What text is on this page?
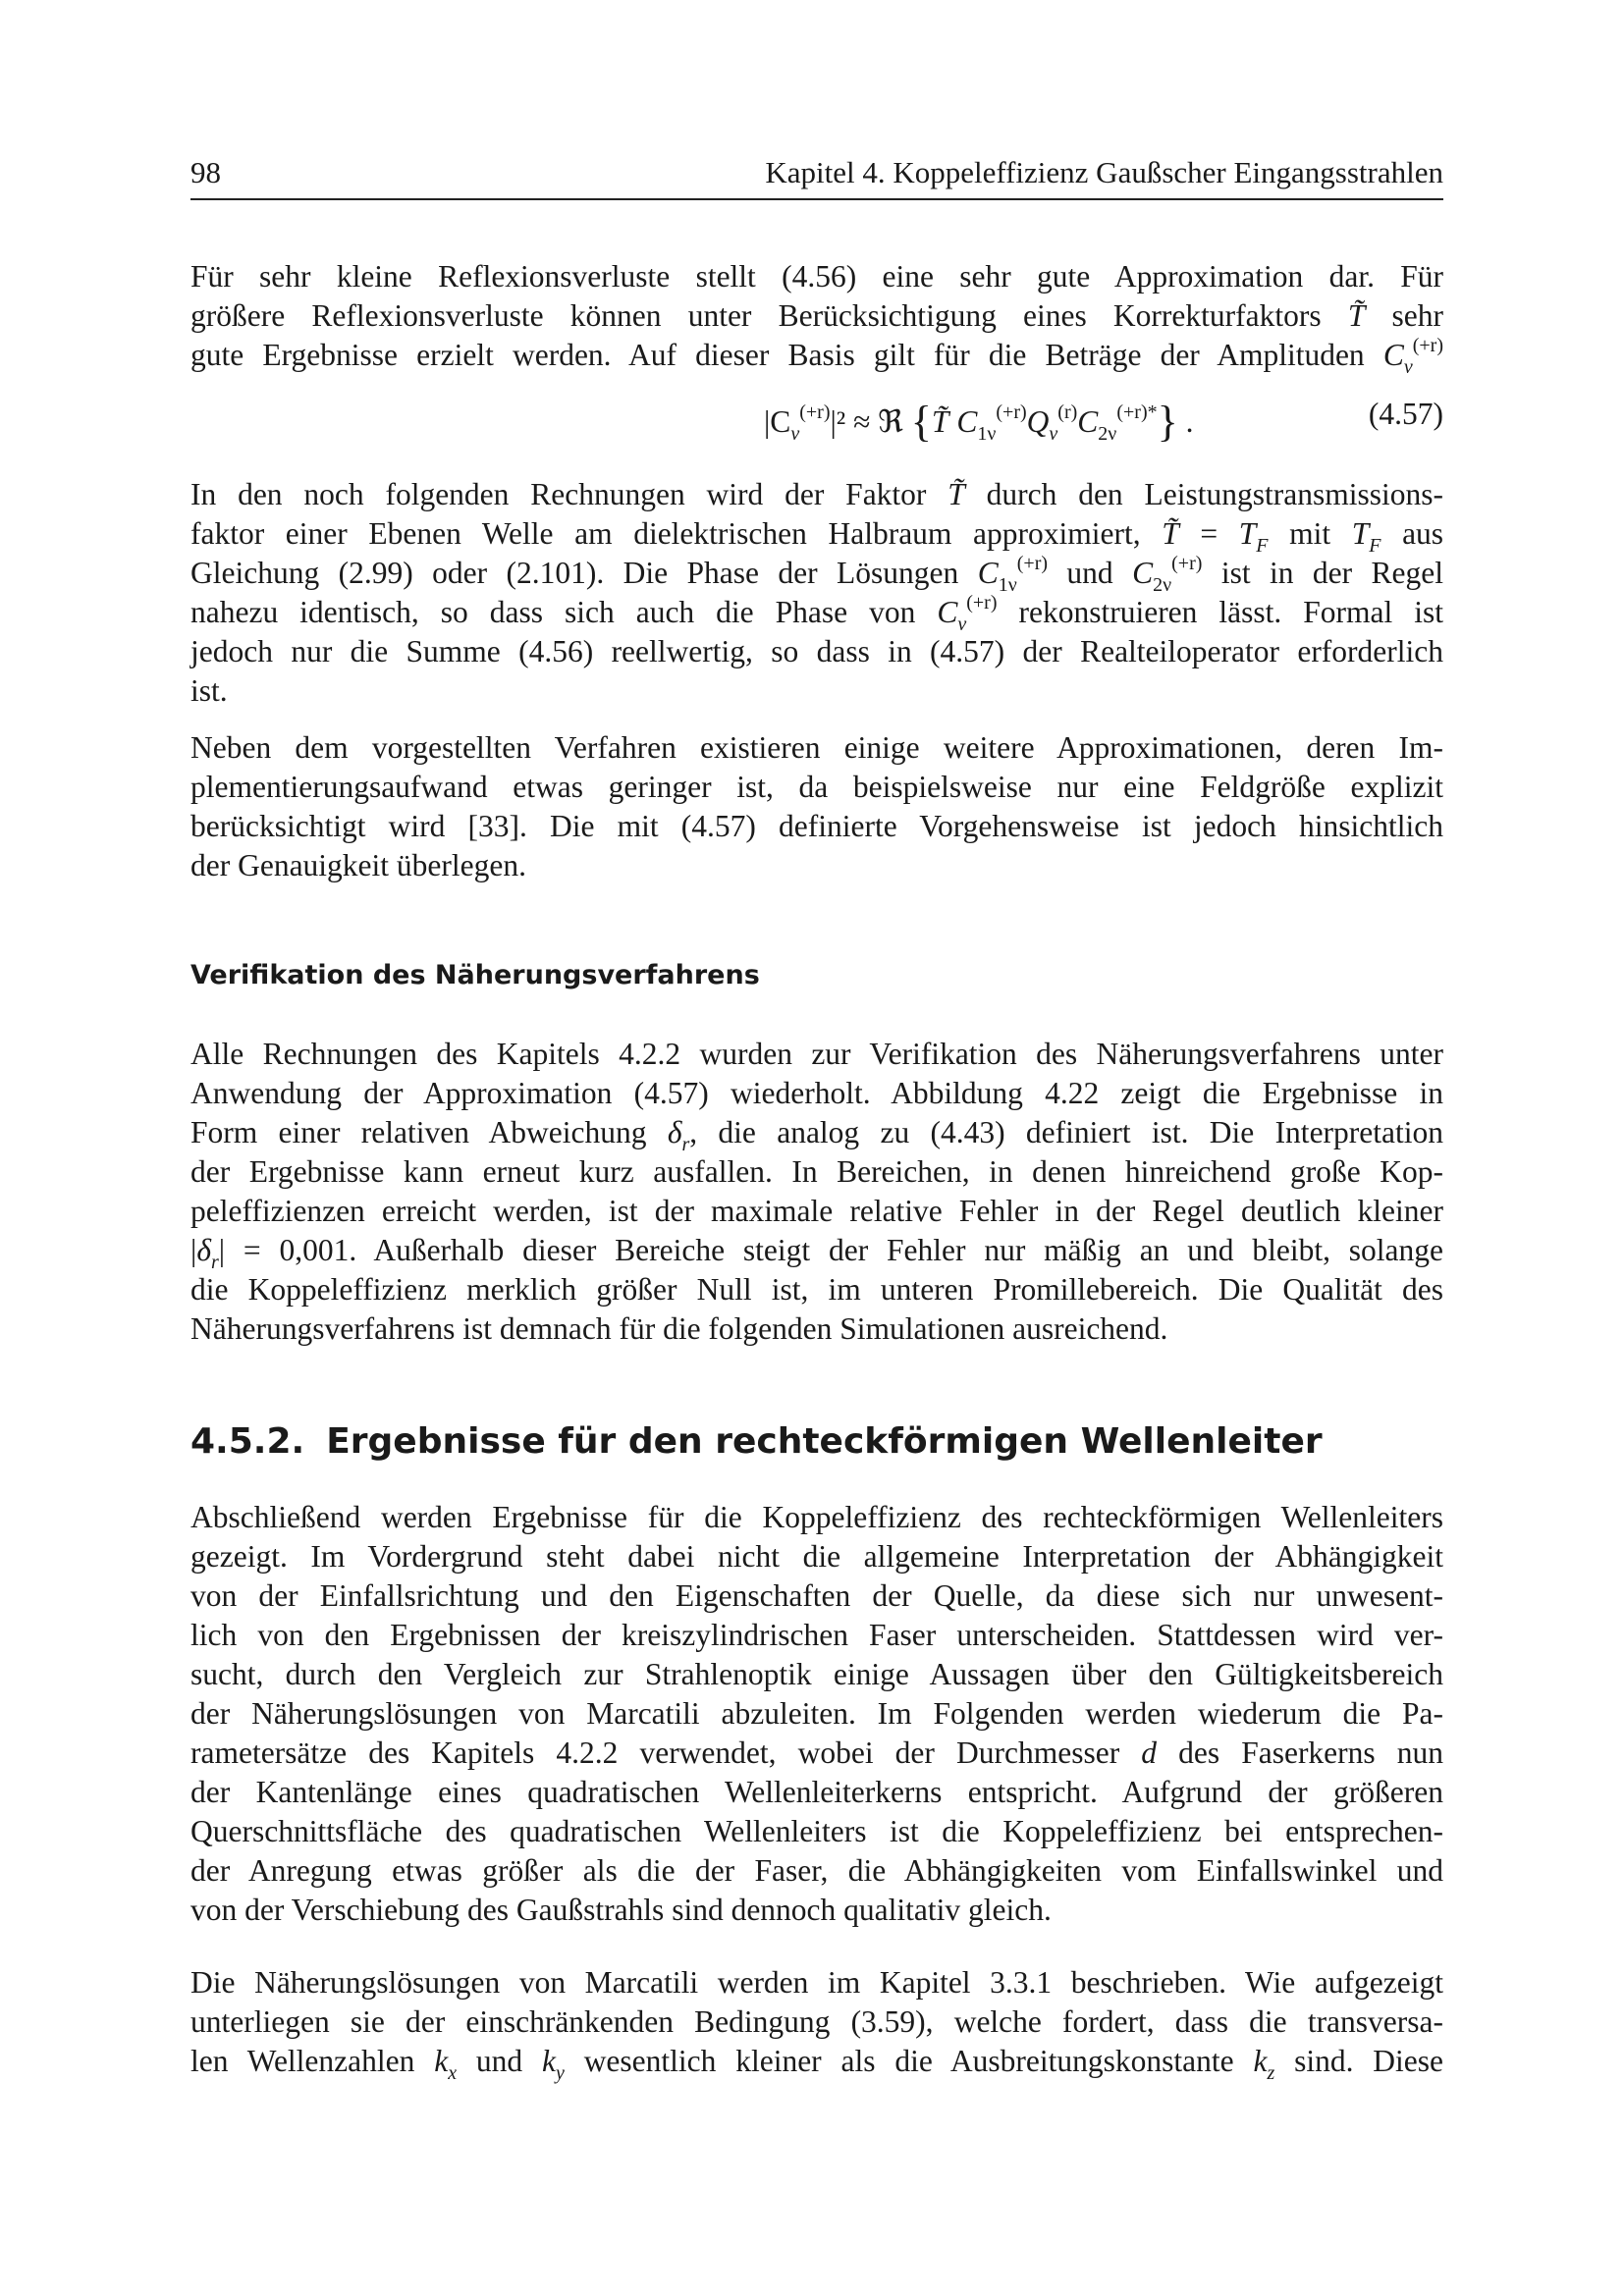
98	Kapitel 4. Koppeleffizienz Gaußscher Eingangsstrahlen
Für sehr kleine Reflexionsverluste stellt (4.56) eine sehr gute Approximation dar. Für
größere Reflexionsverluste können unter Berücksichtigung eines Korrekturfaktors T̃ sehr
gute Ergebnisse erzielt werden. Auf dieser Basis gilt für die Beträge der Amplituden $C_\nu^{(+r)}$
$|C_\nu^{(+r)}|^2$ ≈ ℜ {T̃ $C_{1\nu}^{(+r)}Q_\nu^{(r)}C_{2\nu}^{(+r)*}$} .	(4.57)
In den noch folgenden Rechnungen wird der Faktor T̃ durch den Leistungstransmissions-
faktor einer Ebenen Welle am dielektrischen Halbraum approximiert, T̃ = $T_F$ mit $T_F$ aus
Gleichung (2.99) oder (2.101). Die Phase der Lösungen $C_{1\nu}^{(+r)}$ und $C_{2\nu}^{(+r)}$ ist in der Regel
nahezu identisch, so dass sich auch die Phase von $C_\nu^{(+r)}$ rekonstruieren lässt. Formal ist
jedoch nur die Summe (4.56) reellwertig, so dass in (4.57) der Realteiloperator erforderlich
ist.
Neben dem vorgestellten Verfahren existieren einige weitere Approximationen, deren Im-
plementierungsaufwand etwas geringer ist, da beispielsweise nur eine Feldgröße explizit
berücksichtigt wird [33]. Die mit (4.57) definierte Vorgehensweise ist jedoch hinsichtlich
der Genauigkeit überlegen.
Verifikation des Näherungsverfahrens
Alle Rechnungen des Kapitels 4.2.2 wurden zur Verifikation des Näherungsverfahrens unter
Anwendung der Approximation (4.57) wiederholt. Abbildung 4.22 zeigt die Ergebnisse in
Form einer relativen Abweichung $\delta_r$, die analog zu (4.43) definiert ist. Die Interpretation
der Ergebnisse kann erneut kurz ausfallen. In Bereichen, in denen hinreichend große Kop-
peleffizienzen erreicht werden, ist der maximale relative Fehler in der Regel deutlich kleiner
$|\delta_r| = 0,001$. Außerhalb dieser Bereiche steigt der Fehler nur mäßig an und bleibt, solange
die Koppeleffizienz merklich größer Null ist, im unteren Promillebereich. Die Qualität des
Näherungsverfahrens ist demnach für die folgenden Simulationen ausreichend.
4.5.2. Ergebnisse für den rechteckförmigen Wellenleiter
Abschließend werden Ergebnisse für die Koppeleffizienz des rechteckförmigen Wellenleiters
gezeigt. Im Vordergrund steht dabei nicht die allgemeine Interpretation der Abhängigkeit
von der Einfallsrichtung und den Eigenschaften der Quelle, da diese sich nur unwesent-
lich von den Ergebnissen der kreiszylindrischen Faser unterscheiden. Stattdessen wird ver-
sucht, durch den Vergleich zur Strahlenoptik einige Aussagen über den Gültigkeitsbereich
der Näherungslösungen von Marcatili abzuleiten. Im Folgenden werden wiederum die Pa-
rametersätze des Kapitels 4.2.2 verwendet, wobei der Durchmesser d des Faserkerns nun
der Kantenlänge eines quadratischen Wellenleiterkerns entspricht. Aufgrund der größeren
Querschnittsfläche des quadratischen Wellenleiters ist die Koppeleffizienz bei entsprechen-
der Anregung etwas größer als die der Faser, die Abhängigkeiten vom Einfallswinkel und
von der Verschiebung des Gaußstrahls sind dennoch qualitativ gleich.
Die Näherungslösungen von Marcatili werden im Kapitel 3.3.1 beschrieben. Wie aufgezeigt
unterliegen sie der einschränkenden Bedingung (3.59), welche fordert, dass die transversa-
len Wellenzahlen $k_x$ und $k_y$ wesentlich kleiner als die Ausbreitungskonstante $k_z$ sind. Diese
